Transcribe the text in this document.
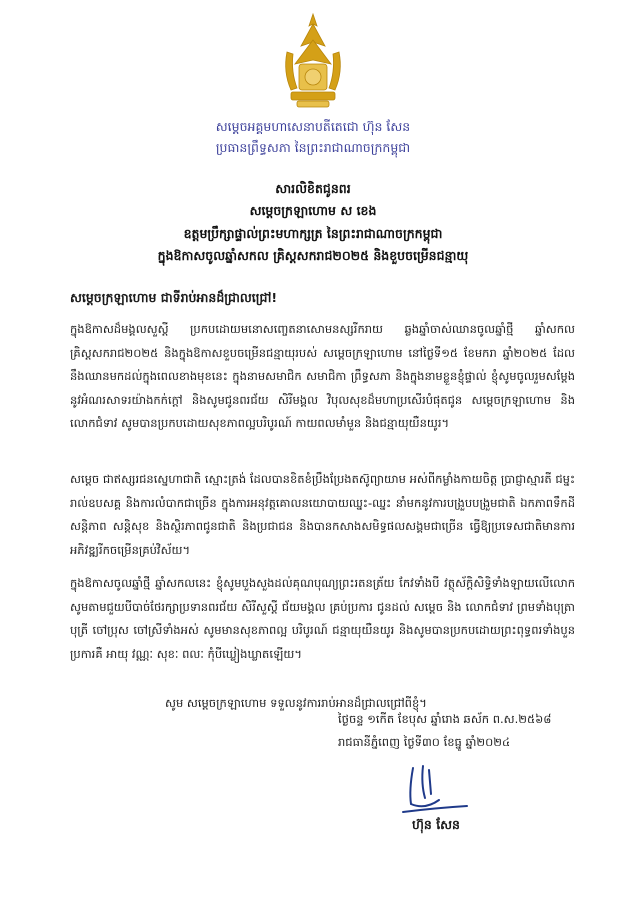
សម្ដេចអគ្គមហាសេនាបតីតេជោ ហ៊ុន សែន
ប្រធានព្រឹទ្ធសភា នៃព្រះរាជាណាចក្រកម្ពុជា
សារលិខិតជូនពរ
សម្ដេចក្រឡាហោម ស ខេង
ឧត្តមប្រឹក្សាផ្ទាល់ព្រះមហាក្សត្រ នៃព្រះរាជាណាចក្រកម្ពុជា
ក្នុងឱកាសចូលឆ្នាំសកល គ្រិស្តសករាជ២០២៥ និងខួបចម្រើនជន្មាយុ
សម្ដេចក្រឡាហោម ជាទីរាប់អានដ៏ជ្រាលជ្រៅ!
ក្នុងឱកាសដ៏មង្គលសួស្ដី ប្រកបដោយមនោសញ្ចេតនាសោមនស្សរីករាយ ឆ្លងឆ្នាំចាស់ឈានចូលឆ្នាំថ្មី ឆ្នាំសកល គ្រិស្តសករាជ២០២៥ និងក្នុងឱកាសខួបចម្រើនជន្មាយុរបស់ សម្ដេចក្រឡាហោម នៅថ្ងៃទី១៥ ខែមករា ឆ្នាំ២០២៥ ដែលនឹងឈានមកដល់ក្នុងពេលខាងមុខនេះ ក្នុងនាមសមាជិក សមាជិកា ព្រឹទ្ធសភា និងក្នុងនាមខ្លួនខ្ញុំផ្ទាល់ ខ្ញុំសូមចូលរួមសម្ដែងនូវអំណរសាទរយ៉ាងកក់ក្ដៅ និងសូមជូនពរជ័យ សិរីមង្គល វិបុលសុខដ៏មហាប្រសើរបំផុតជូន សម្ដេចក្រឡាហោម និង លោកជំទាវ សូមបានប្រកបដោយសុខភាពល្អបរិបូរណ៍ កាយពលមាំមួន និងជន្មាយុយឺនយូរ។
សម្ដេច ជាឥស្សរជនស្នេហាជាតិ ស្មោះត្រង់ ដែលបានខិតខំប្រឹងប្រែងតស៊ូព្យាយាម អស់ពីកម្លាំងកាយចិត្ត ប្រាជ្ញាស្មារតី ជម្នះរាល់ឧបសគ្គ និងការលំបាកជាច្រើន ក្នុងការអនុវត្តគោលនយោបាយឈ្នះ-ឈ្នះ នាំមកនូវការបង្រួបបង្រួមជាតិ ឯកភាពទឹកដី សន្តិភាព សន្តិសុខ និងស្ថិរភាពជូនជាតិ និងប្រជាជន និងបានកសាងសមិទ្ធផលសង្គមជាច្រើន ធ្វើឱ្យប្រទេសជាតិមានការអភិវឌ្ឍរីកចម្រើនគ្រប់វិស័យ។
ក្នុងឱកាសចូលឆ្នាំថ្មី ឆ្នាំសកលនេះ ខ្ញុំសូមបួងសួងដល់គុណបុណ្យព្រះរតនត្រ័យ កែវទាំងបី វត្ថុស័ក្ដិសិទ្ធិទាំងឡាយលើលោក សូមតាមជួយបីបាច់ថែរក្សាប្រទានពរជ័យ សិរីសួស្ដី ជ័យមង្គល គ្រប់ប្រការ ជូនដល់ សម្ដេច និង លោកជំទាវ ព្រមទាំងបុត្រា បុត្រី ចៅប្រុស ចៅស្រីទាំងអស់ សូមមានសុខភាពល្អ បរិបូរណ៍ ជន្មាយុយឺនយូរ និងសូមបានប្រកបដោយព្រះពុទ្ធពរទាំងបួនប្រការគឺ អាយុ វណ្ណៈ សុខៈ ពលៈ កុំបីឃ្លៀងឃ្លាតឡើយ។
សូម សម្ដេចក្រឡាហោម ទទួលនូវការរាប់អានដ៏ជ្រាលជ្រៅពីខ្ញុំ។
ថ្ងៃចន្ទ ១កើត ខែបុស ឆ្នាំរោង ឆស័ក ព.ស.២៥៦៨
រាជធានីភ្នំពេញ ថ្ងៃទី៣០ ខែធ្នូ ឆ្នាំ២០២៤
ហ៊ុន សែន
